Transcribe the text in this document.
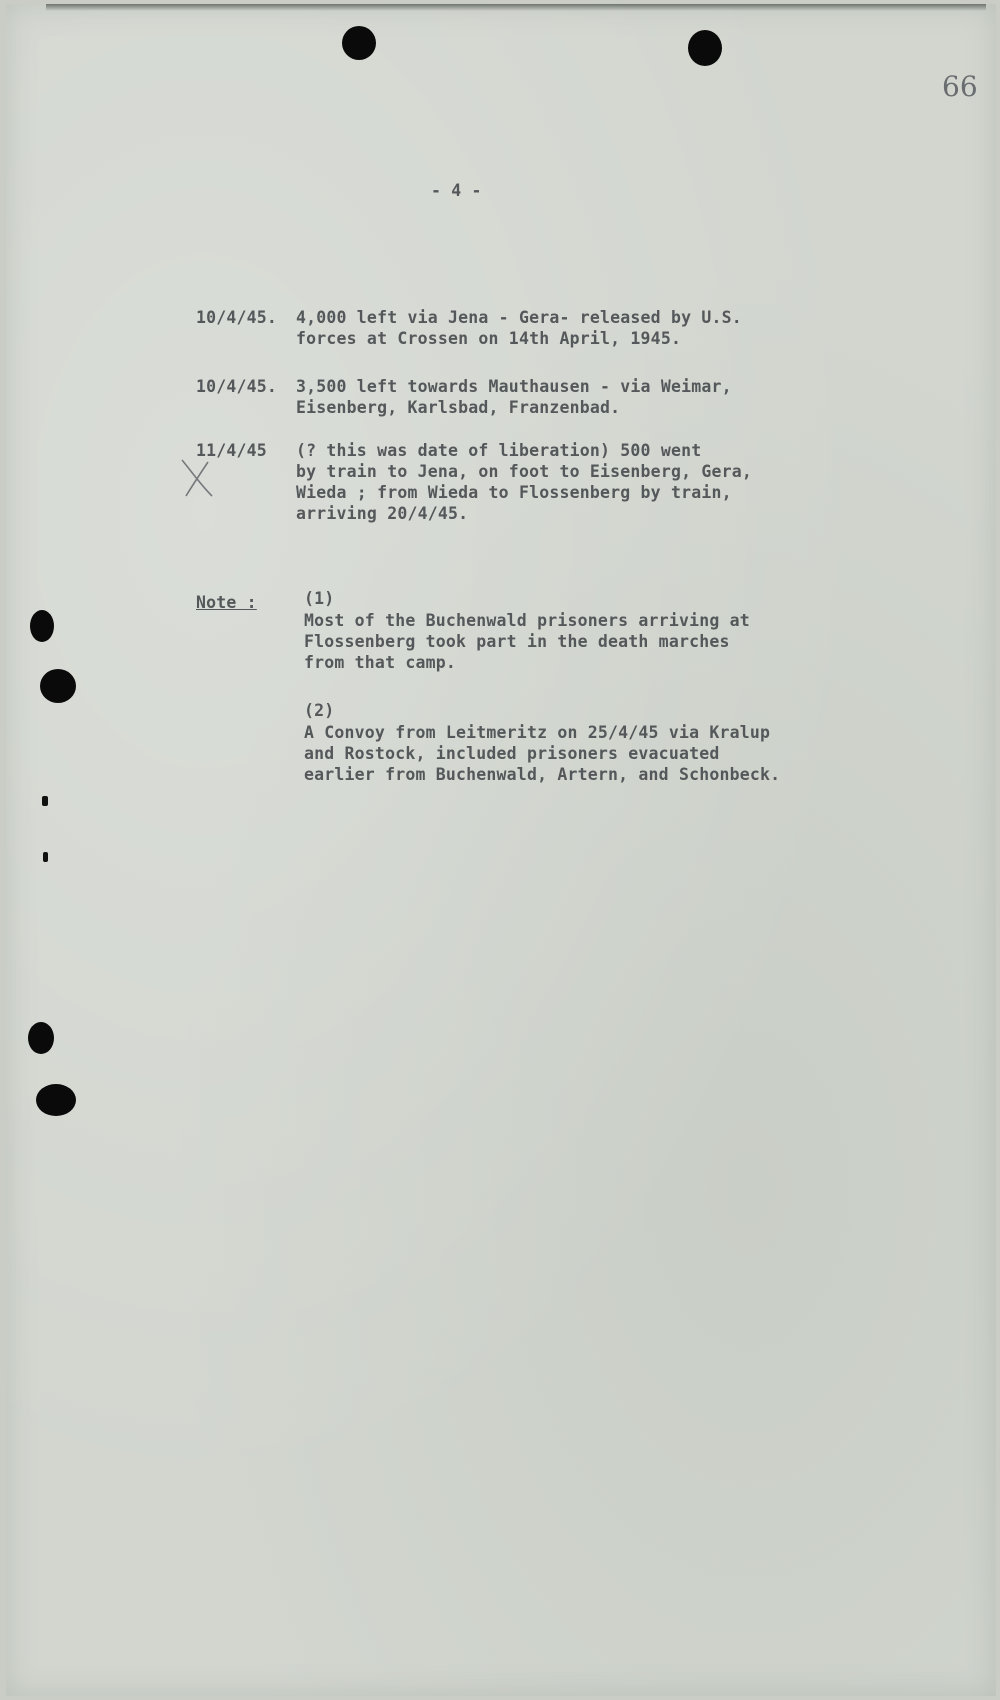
66
- 4 -
10/4/45. 4,000 left via Jena - Gera- released by U.S.
forces at Crossen on 14th April, 1945.
10/4/45. 3,500 left towards Mauthausen - via Weimar,
Eisenberg, Karlsbad, Franzenbad.
11/4/45 (? this was date of liberation) 500 went
by train to Jena, on foot to Eisenberg, Gera,
Wieda ; from Wieda to Flossenberg by train,
arriving 20/4/45.
Note :	(1)
Most of the Buchenwald prisoners arriving at
Flossenberg took part in the death marches
from that camp.
(2)
A Convoy from Leitmeritz on 25/4/45 via Kralup
and Rostock, included prisoners evacuated
earlier from Buchenwald, Artern, and Schonbeck.
